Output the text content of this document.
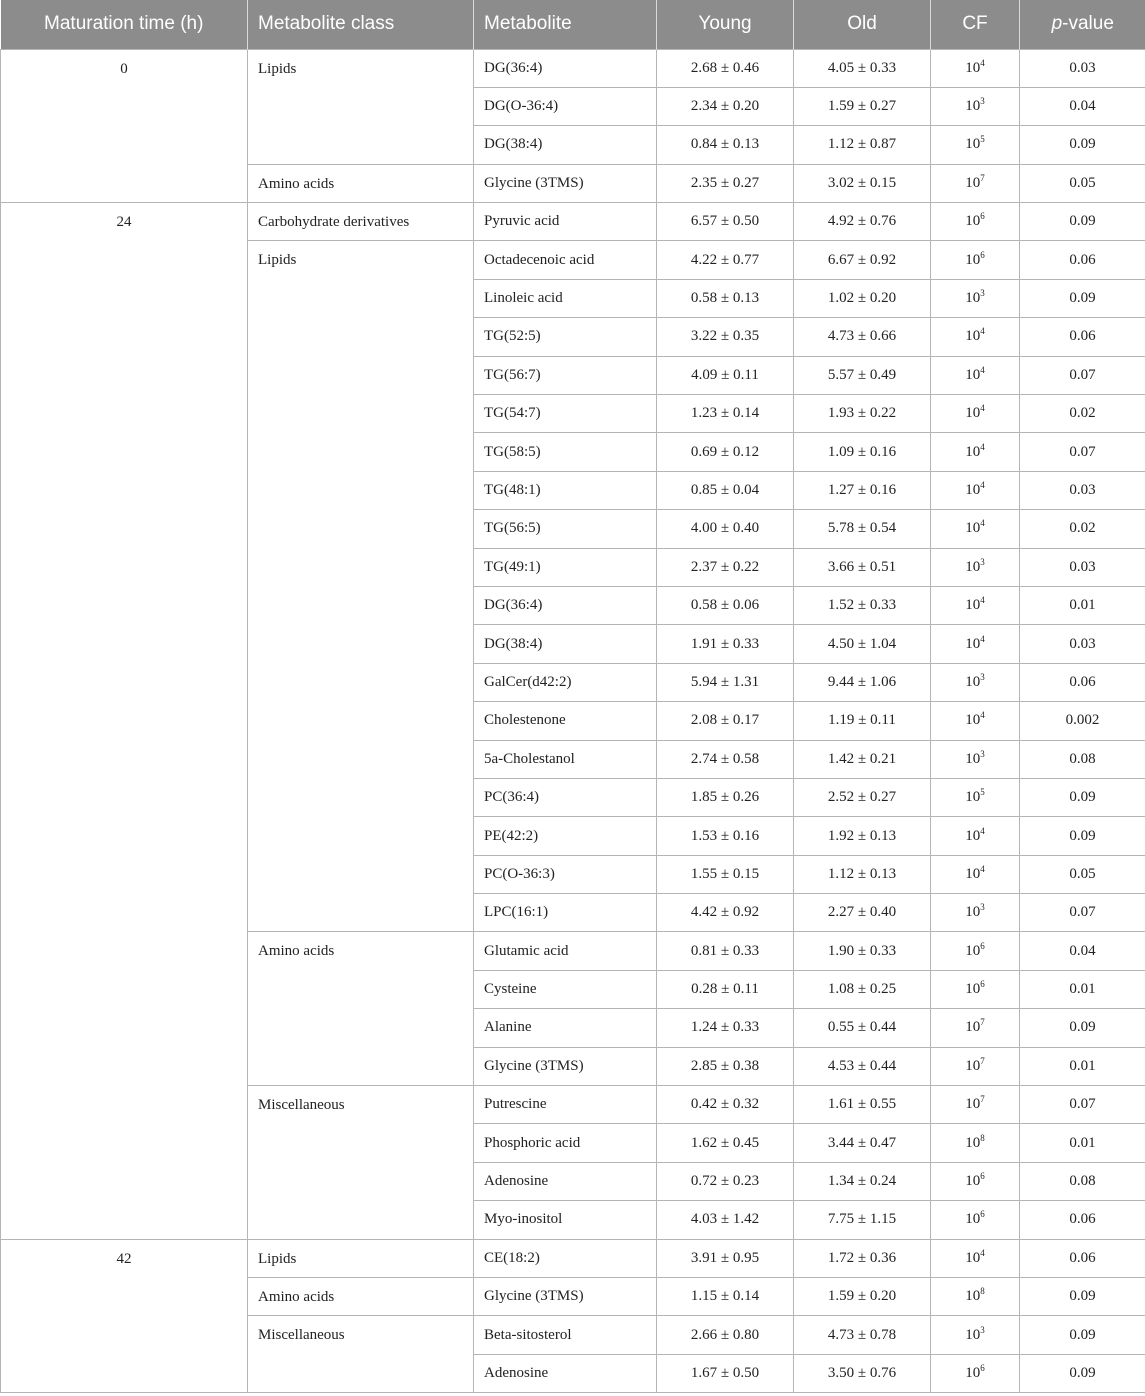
Maturation time (h)	Metabolite class	Metabolite	Young	Old	CF	p-value
0	Lipids	DG(36:4)	2.68 ± 0.46	4.05 ± 0.33	$10^4$	0.03
		DG(O-36:4)	2.34 ± 0.20	1.59 ± 0.27	$10^3$	0.04
		DG(38:4)	0.84 ± 0.13	1.12 ± 0.87	$10^5$	0.09
	Amino acids	Glycine (3TMS)	2.35 ± 0.27	3.02 ± 0.15	$10^7$	0.05
24	Carbohydrate derivatives	Pyruvic acid	6.57 ± 0.50	4.92 ± 0.76	$10^6$	0.09
	Lipids	Octadecenoic acid	4.22 ± 0.77	6.67 ± 0.92	$10^6$	0.06
		Linoleic acid	0.58 ± 0.13	1.02 ± 0.20	$10^3$	0.09
		TG(52:5)	3.22 ± 0.35	4.73 ± 0.66	$10^4$	0.06
		TG(56:7)	4.09 ± 0.11	5.57 ± 0.49	$10^4$	0.07
		TG(54:7)	1.23 ± 0.14	1.93 ± 0.22	$10^4$	0.02
		TG(58:5)	0.69 ± 0.12	1.09 ± 0.16	$10^4$	0.07
		TG(48:1)	0.85 ± 0.04	1.27 ± 0.16	$10^4$	0.03
		TG(56:5)	4.00 ± 0.40	5.78 ± 0.54	$10^4$	0.02
		TG(49:1)	2.37 ± 0.22	3.66 ± 0.51	$10^3$	0.03
		DG(36:4)	0.58 ± 0.06	1.52 ± 0.33	$10^4$	0.01
		DG(38:4)	1.91 ± 0.33	4.50 ± 1.04	$10^4$	0.03
		GalCer(d42:2)	5.94 ± 1.31	9.44 ± 1.06	$10^3$	0.06
		Cholestenone	2.08 ± 0.17	1.19 ± 0.11	$10^4$	0.002
		5a-Cholestanol	2.74 ± 0.58	1.42 ± 0.21	$10^3$	0.08
		PC(36:4)	1.85 ± 0.26	2.52 ± 0.27	$10^5$	0.09
		PE(42:2)	1.53 ± 0.16	1.92 ± 0.13	$10^4$	0.09
		PC(O-36:3)	1.55 ± 0.15	1.12 ± 0.13	$10^4$	0.05
		LPC(16:1)	4.42 ± 0.92	2.27 ± 0.40	$10^3$	0.07
	Amino acids	Glutamic acid	0.81 ± 0.33	1.90 ± 0.33	$10^6$	0.04
		Cysteine	0.28 ± 0.11	1.08 ± 0.25	$10^6$	0.01
		Alanine	1.24 ± 0.33	0.55 ± 0.44	$10^7$	0.09
		Glycine (3TMS)	2.85 ± 0.38	4.53 ± 0.44	$10^7$	0.01
	Miscellaneous	Putrescine	0.42 ± 0.32	1.61 ± 0.55	$10^7$	0.07
		Phosphoric acid	1.62 ± 0.45	3.44 ± 0.47	$10^8$	0.01
		Adenosine	0.72 ± 0.23	1.34 ± 0.24	$10^6$	0.08
		Myo-inositol	4.03 ± 1.42	7.75 ± 1.15	$10^6$	0.06
42	Lipids	CE(18:2)	3.91 ± 0.95	1.72 ± 0.36	$10^4$	0.06
	Amino acids	Glycine (3TMS)	1.15 ± 0.14	1.59 ± 0.20	$10^8$	0.09
	Miscellaneous	Beta-sitosterol	2.66 ± 0.80	4.73 ± 0.78	$10^3$	0.09
		Adenosine	1.67 ± 0.50	3.50 ± 0.76	$10^6$	0.09
